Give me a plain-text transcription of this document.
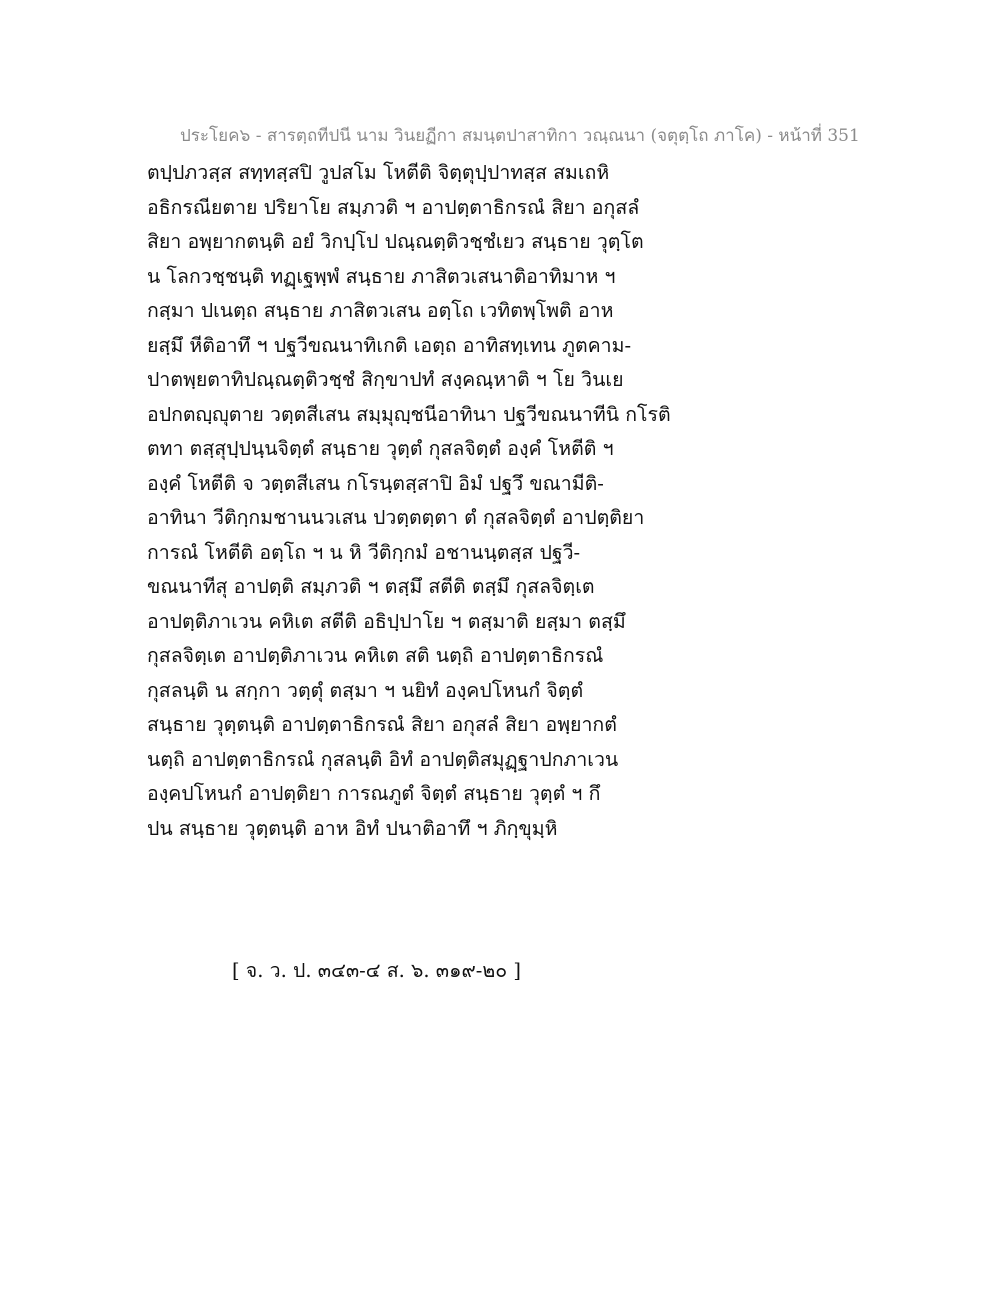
ประโยค๖ - สารตฺถทีปนี นาม วินยฏีกา สมนฺตปาสาทิกา วณฺณนา (จตุตฺโถ ภาโค) - หน้าที่ 351
ตปฺปภวสฺส สทฺทสฺสปิ วูปสโม โหตีติ จิตฺตุปฺปาทสฺส สมเถหิ
อธิกรณียตาย ปริยาโย สมฺภวติ ฯ อาปตฺตาธิกรณํ สิยา อกุสลํ
สิยา อพฺยากตนฺติ อยํ วิกปฺโป ปณฺณตฺติวชฺชํเยว สนฺธาย วุตฺโต
น โลกวชฺชนฺติ ทฏฺเฐพฺพํ สนฺธาย ภาสิตวเสนาติอาทิมาห ฯ
กสฺมา ปเนตฺถ สนฺธาย ภาสิตวเสน อตฺโถ เวทิตพฺโพติ อาห
ยสฺมึ หีติอาทึ ฯ ปฐวีขณนาทิเกติ เอตฺถ อาทิสทฺเทน ภูตคาม-
ปาตพฺยตาทิปณฺณตฺติวชฺชํ สิกฺขาปทํ สงฺคณฺหาติ ฯ โย วินเย
อปกตญฺญุตาย วตฺตสีเสน สมฺมุญฺชนีอาทินา ปฐวีขณนาทีนิ กโรติ
ตทา ตสฺสุปฺปนฺนจิตฺตํ สนฺธาย วุตฺตํ กุสลจิตฺตํ องฺคํ โหตีติ ฯ
องฺคํ โหตีติ จ วตฺตสีเสน กโรนฺตสฺสาปิ อิมํ ปฐวึ ขณามีติ-
อาทินา วีติกฺกมชานนวเสน ปวตฺตตฺตา ตํ กุสลจิตฺตํ อาปตฺติยา
การณํ โหตีติ อตฺโถ ฯ น หิ วีติกฺกมํ อชานนฺตสฺส ปฐวี-
ขณนาทีสุ อาปตฺติ สมฺภวติ ฯ ตสฺมึ สตีติ ตสฺมึ กุสลจิตฺเต
อาปตฺติภาเวน คหิเต สตีติ อธิปฺปาโย ฯ ตสฺมาติ ยสฺมา ตสฺมึ
กุสลจิตฺเต อาปตฺติภาเวน คหิเต สติ นตฺถิ อาปตฺตาธิกรณํ
กุสลนฺติ น สกฺกา วตฺตุํ ตสฺมา ฯ นยิทํ องฺคปโหนกํ จิตฺตํ
สนฺธาย วุตฺตนฺติ อาปตฺตาธิกรณํ สิยา อกุสลํ สิยา อพฺยากตํ
นตฺถิ อาปตฺตาธิกรณํ กุสลนฺติ อิทํ อาปตฺติสมุฏฺฐาปกภาเวน
องฺคปโหนกํ อาปตฺติยา การณภูตํ จิตฺตํ สนฺธาย วุตฺตํ ฯ กึ
ปน สนฺธาย วุตฺตนฺติ อาห อิทํ ปนาติอาทึ ฯ ภิกฺขุมฺหิ
[ จ. ว. ป. ๓๔๓-๔ ส. ๖. ๓๑๙-๒๐ ]
